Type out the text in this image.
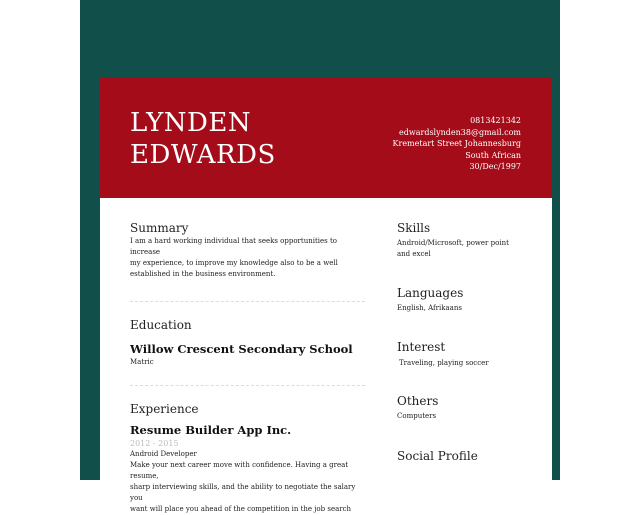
LYNDEN
EDWARDS
0813421342
edwardslynden38@gmail.com
Kremetart Street Johannesburg
South African
30/Dec/1997
Summary
I am a hard working individual that seeks opportunities to increase
my experience, to improve my knowledge also to be a well
established in the business environment.
Education
Willow Crescent Secondary School
Matric
Experience
Resume Builder App Inc.
2012 - 2015
Android Developer
Make your next career move with confidence. Having a great resume,
sharp interviewing skills, and the ability to negotiate the salary you
want will place you ahead of the competition in the job search
Skills
Android/Microsoft, power point
and excel
Languages
English, Afrikaans
Interest
Traveling, playing soccer
Others
Computers
Social Profile
